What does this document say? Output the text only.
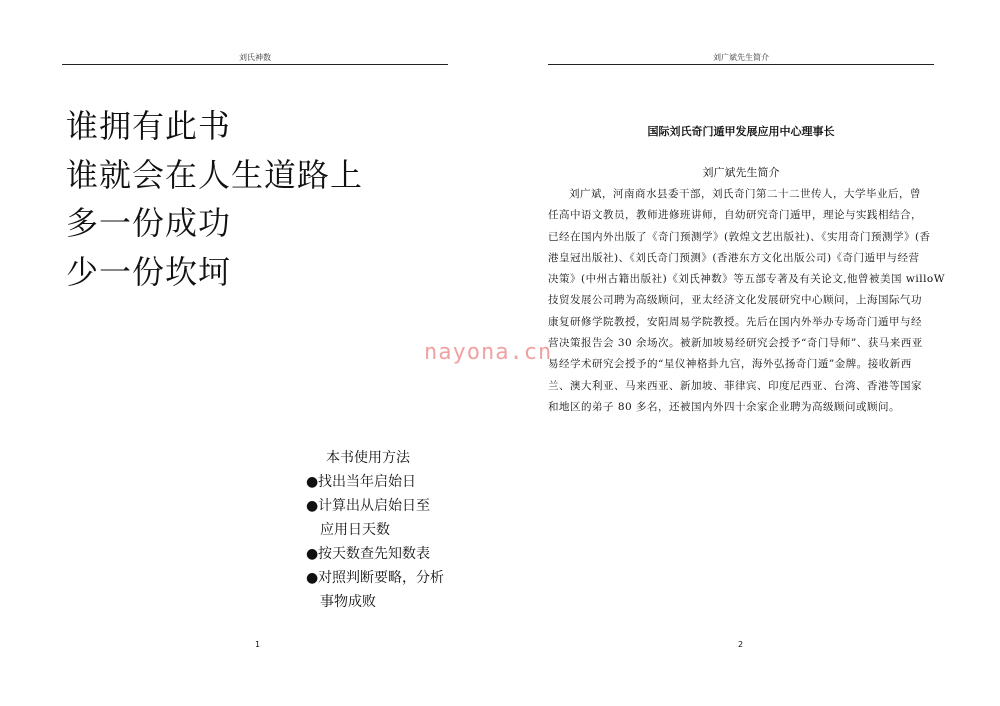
刘氏神数
谁拥有此书
谁就会在人生道路上
多一份成功
少一份坎坷
本书使用方法
●找出当年启始日
●计算出从启始日至
应用日天数
●按天数查先知数表
●对照判断要略，分析
事物成败
1
刘广斌先生简介
国际刘氏奇门遁甲发展应用中心理事长
刘广斌先生简介
刘广斌，河南商水县委干部，刘氏奇门第二十二世传人，大学毕业后，曾
任高中语文教员，教师进修班讲师，自幼研究奇门遁甲，理论与实践相结合，
已经在国内外出版了《奇门预测学》(敦煌文艺出版社)、《实用奇门预测学》(香
港皇冠出版社)、《刘氏奇门预测》(香港东方文化出版公司)《奇门遁甲与经营
决策》(中州古籍出版社)《刘氏神数》等五部专著及有关论文,他曾被美国 willoW
技贸发展公司聘为高级顾问，亚太经济文化发展研究中心顾问，上海国际气功
康复研修学院教授，安阳周易学院教授。先后在国内外举办专场奇门遁甲与经
营决策报告会 30 余场次。被新加坡易经研究会授予“奇门导师”、获马来西亚
易经学术研究会授予的“星仪神格卦九宫，海外弘扬奇门遁”金牌。接收新西
兰、澳大利亚、马来西亚、新加坡、菲律宾、印度尼西亚、台湾、香港等国家
和地区的弟子 80 多名，还被国内外四十余家企业聘为高级顾问或顾问。
2
nayona.cn
